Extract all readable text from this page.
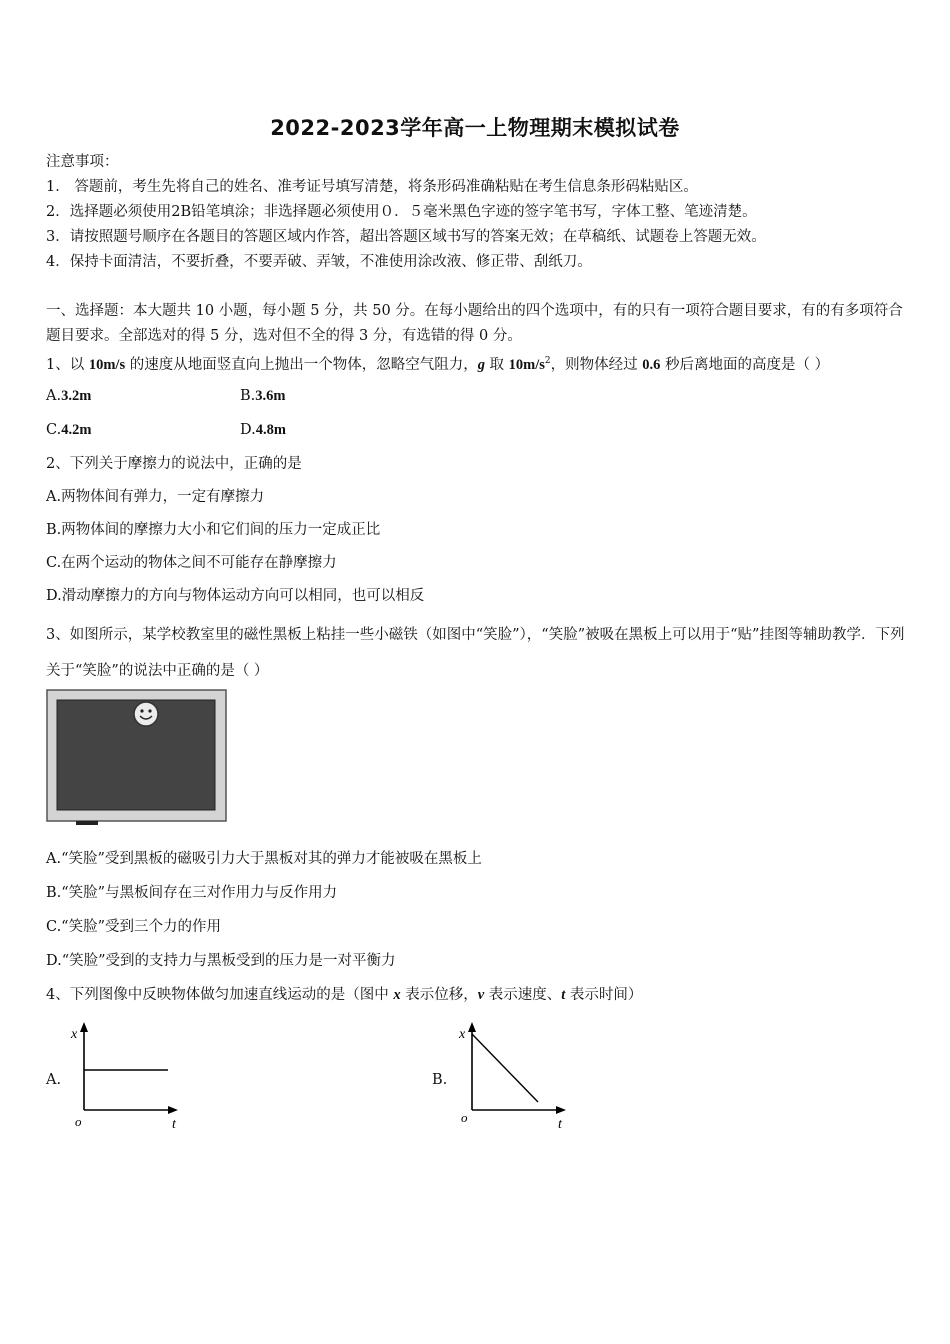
2022-2023学年高一上物理期末模拟试卷
注意事项：
1． 答题前，考生先将自己的姓名、准考证号填写清楚，将条形码准确粘贴在考生信息条形码粘贴区。
2．选择题必须使用2B铅笔填涂；非选择题必须使用０．５毫米黑色字迹的签字笔书写，字体工整、笔迹清楚。
3．请按照题号顺序在各题目的答题区域内作答，超出答题区域书写的答案无效；在草稿纸、试题卷上答题无效。
4．保持卡面清洁，不要折叠，不要弄破、弄皱，不准使用涂改液、修正带、刮纸刀。
一、选择题：本大题共 10 小题，每小题 5 分，共 50 分。在每小题给出的四个选项中，有的只有一项符合题目要求，有的有多项符合题目要求。全部选对的得 5 分，选对但不全的得 3 分，有选错的得 0 分。
1、以 10m/s 的速度从地面竖直向上抛出一个物体，忽略空气阻力，g 取 $10m/s^2$，则物体经过 0.6 秒后离地面的高度是（ ）
A.3.2m	B.3.6m
C.4.2m	D.4.8m
2、下列关于摩擦力的说法中，正确的是
A.两物体间有弹力，一定有摩擦力
B.两物体间的摩擦力大小和它们间的压力一定成正比
C.在两个运动的物体之间不可能存在静摩擦力
D.滑动摩擦力的方向与物体运动方向可以相同，也可以相反
3、如图所示，某学校教室里的磁性黑板上粘挂一些小磁铁（如图中“笑脸”），“笑脸”被吸在黑板上可以用于“贴”挂图等辅助教学．下列关于“笑脸”的说法中正确的是（ ）
A.“笑脸”受到黑板的磁吸引力大于黑板对其的弹力才能被吸在黑板上
B.“笑脸”与黑板间存在三对作用力与反作用力
C.“笑脸”受到三个力的作用
D.“笑脸”受到的支持力与黑板受到的压力是一对平衡力
4、下列图像中反映物体做匀加速直线运动的是（图中 x 表示位移，v 表示速度、t 表示时间）
A.
x
t
o
B.
x
t
o
